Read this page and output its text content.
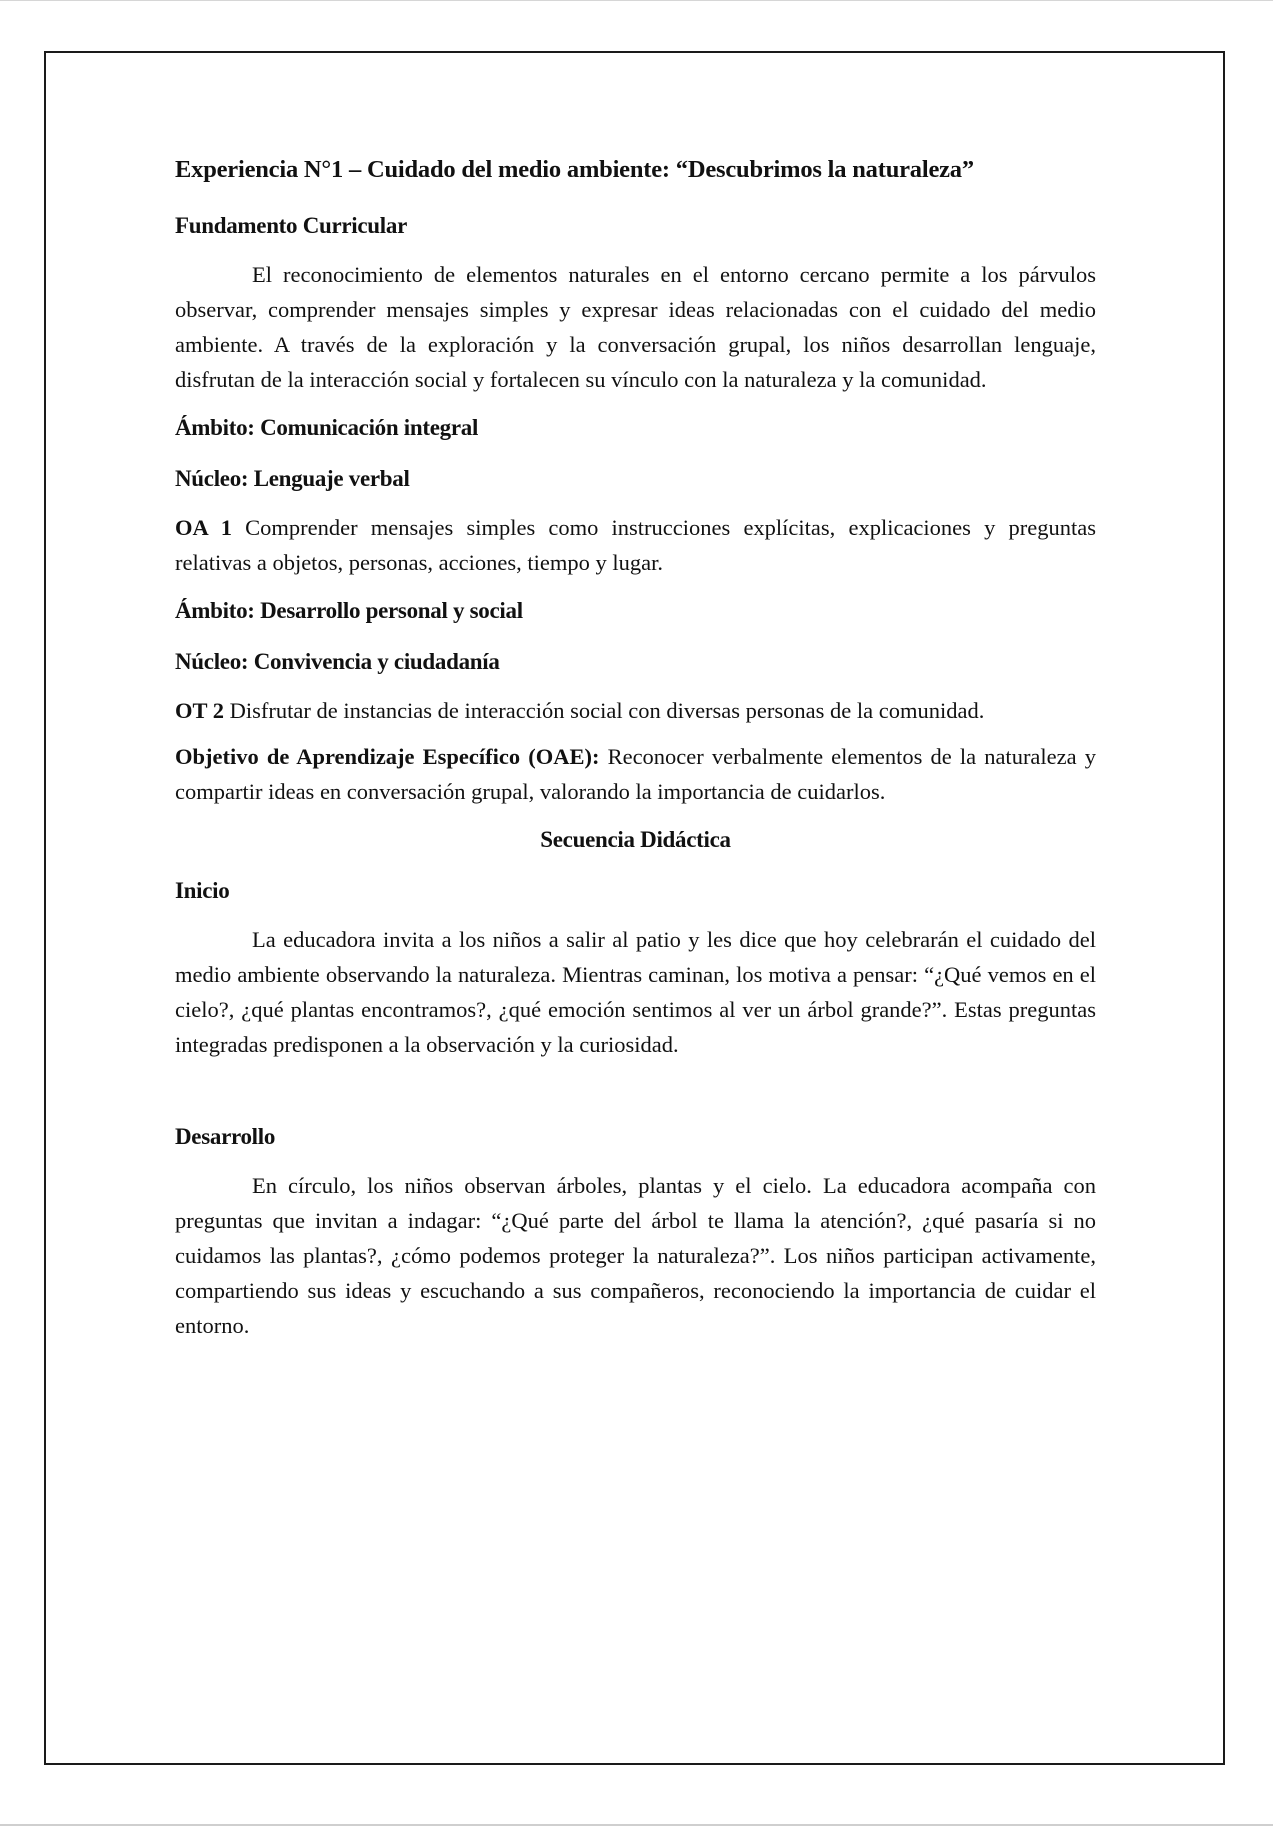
Experiencia N°1 – Cuidado del medio ambiente: “Descubrimos la naturaleza”
Fundamento Curricular

El reconocimiento de elementos naturales en el entorno cercano permite a los párvulos observar, comprender mensajes simples y expresar ideas relacionadas con el cuidado del medio ambiente. A través de la exploración y la conversación grupal, los niños desarrollan lenguaje, disfrutan de la interacción social y fortalecen su vínculo con la naturaleza y la comunidad.

Ámbito: Comunicación integral
Núcleo: Lenguaje verbal

OA 1 Comprender mensajes simples como instrucciones explícitas, explicaciones y preguntas relativas a objetos, personas, acciones, tiempo y lugar.

Ámbito: Desarrollo personal y social
Núcleo: Convivencia y ciudadanía

OT 2 Disfrutar de instancias de interacción social con diversas personas de la comunidad.

Objetivo de Aprendizaje Específico (OAE): Reconocer verbalmente elementos de la naturaleza y compartir ideas en conversación grupal, valorando la importancia de cuidarlos.

Secuencia Didáctica
Inicio

La educadora invita a los niños a salir al patio y les dice que hoy celebrarán el cuidado del medio ambiente observando la naturaleza. Mientras caminan, los motiva a pensar: “¿Qué vemos en el cielo?, ¿qué plantas encontramos?, ¿qué emoción sentimos al ver un árbol grande?”. Estas preguntas integradas predisponen a la observación y la curiosidad.

Desarrollo

En círculo, los niños observan árboles, plantas y el cielo. La educadora acompaña con preguntas que invitan a indagar: “¿Qué parte del árbol te llama la atención?, ¿qué pasaría si no cuidamos las plantas?, ¿cómo podemos proteger la naturaleza?”. Los niños participan activamente, compartiendo sus ideas y escuchando a sus compañeros, reconociendo la importancia de cuidar el entorno.
